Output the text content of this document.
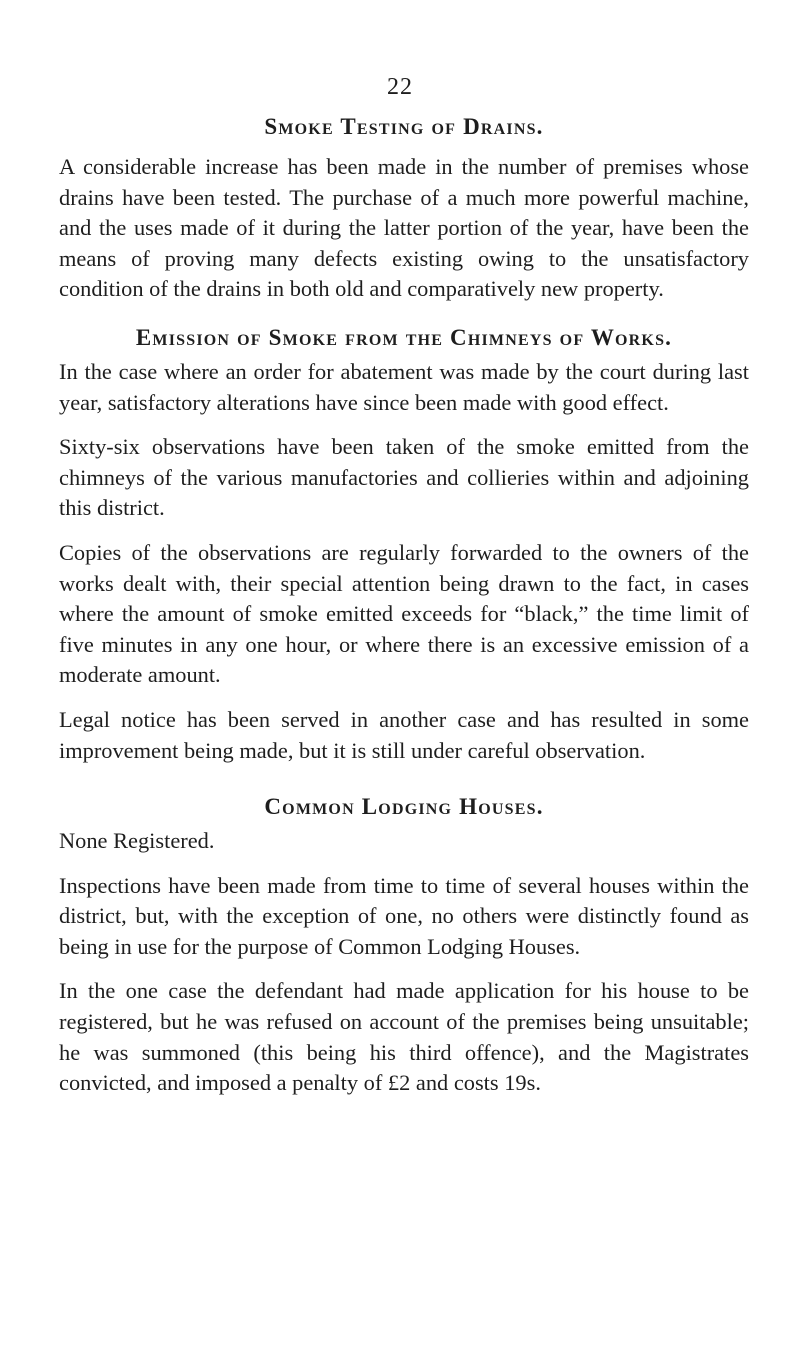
22
Smoke Testing of Drains.

A considerable increase has been made in the number of premises whose drains have been tested. The purchase of a much more powerful machine, and the uses made of it during the latter portion of the year, have been the means of proving many defects existing owing to the unsatisfactory condition of the drains in both old and comparatively new property.

Emission of Smoke from the Chimneys of Works.

In the case where an order for abatement was made by the court during last year, satisfactory alterations have since been made with good effect.

Sixty-six observations have been taken of the smoke emitted from the chimneys of the various manufactories and collieries within and adjoining this district.

Copies of the observations are regularly forwarded to the owners of the works dealt with, their special attention being drawn to the fact, in cases where the amount of smoke emitted exceeds for “black,” the time limit of five minutes in any one hour, or where there is an excessive emission of a moderate amount.

Legal notice has been served in another case and has resulted in some improvement being made, but it is still under careful observation.

Common Lodging Houses.

None Registered.

Inspections have been made from time to time of several houses within the district, but, with the exception of one, no others were distinctly found as being in use for the purpose of Common Lodging Houses.

In the one case the defendant had made application for his house to be registered, but he was refused on account of the premises being unsuitable; he was summoned (this being his third offence), and the Magistrates convicted, and imposed a penalty of £2 and costs 19s.
